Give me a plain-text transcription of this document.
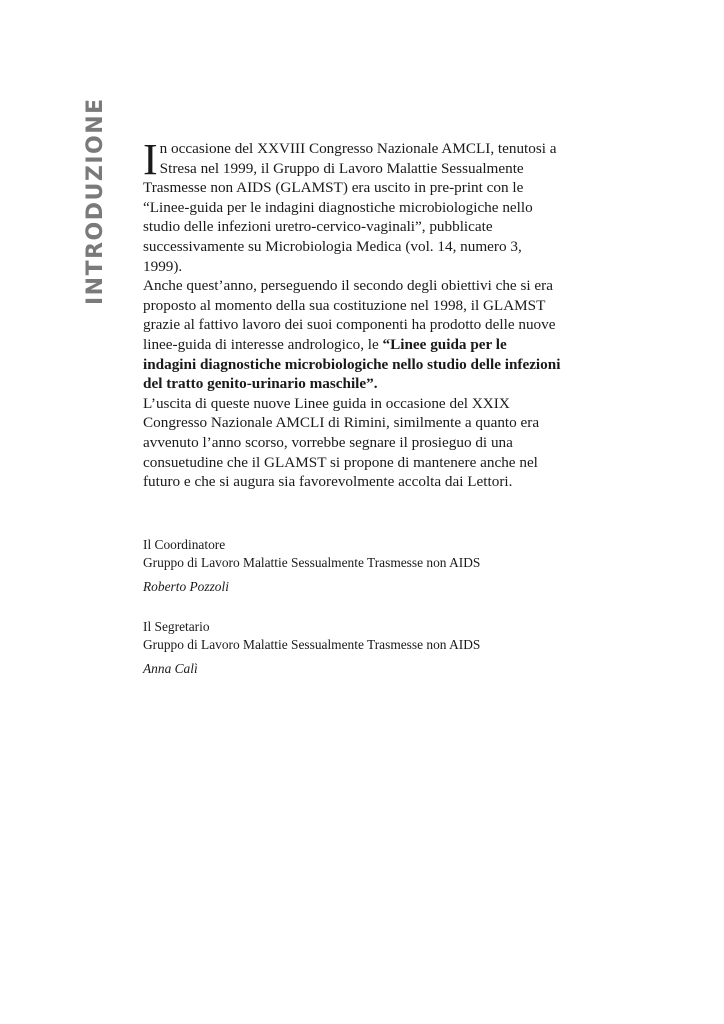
INTRODUZIONE In occasione del XXVIII Congresso Nazionale AMCLI, tenutosi a Stresa nel 1999, il Gruppo di Lavoro Malattie Sessualmente Trasmesse non AIDS (GLAMST) era uscito in pre-print con le “Linee-guida per le indagini diagnostiche microbiologiche nello studio delle infezioni uretro-cervico-vaginali”, pubblicate successivamente su Microbiologia Medica (vol. 14, numero 3, 1999).

Anche quest’anno, perseguendo il secondo degli obiettivi che si era proposto al momento della sua costituzione nel 1998, il GLAMST grazie al fattivo lavoro dei suoi componenti ha prodotto delle nuove linee-guida di interesse andrologico, le “Linee guida per le indagini diagnostiche microbiologiche nello studio delle infezioni del tratto genito-urinario maschile”.

L’uscita di queste nuove Linee guida in occasione del XXIX Congresso Nazionale AMCLI di Rimini, similmente a quanto era avvenuto l’anno scorso, vorrebbe segnare il prosieguo di una consuetudine che il GLAMST si propone di mantenere anche nel futuro e che si augura sia favorevolmente accolta dai Lettori.

Il Coordinatore
Gruppo di Lavoro Malattie Sessualmente Trasmesse non AIDS
Roberto Pozzoli
Il Segretario
Gruppo di Lavoro Malattie Sessualmente Trasmesse non AIDS
Anna Calì
